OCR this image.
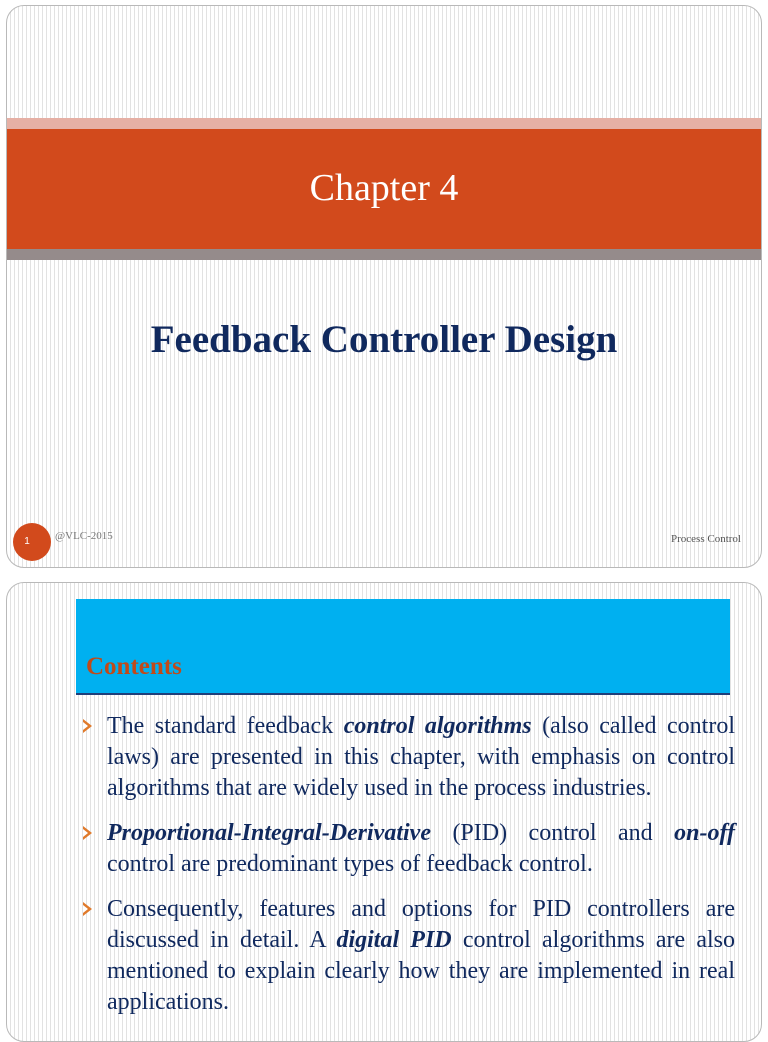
Chapter 4
Feedback Controller Design
1	@VLC-2015	Process Control
Contents
The standard feedback control algorithms (also called control laws) are presented in this chapter, with emphasis on control algorithms that are widely used in the process industries.
Proportional-Integral-Derivative (PID) control and on-off control are predominant types of feedback control.
Consequently, features and options for PID controllers are discussed in detail. A digital PID control algorithms are also mentioned to explain clearly how they are implemented in real applications.
